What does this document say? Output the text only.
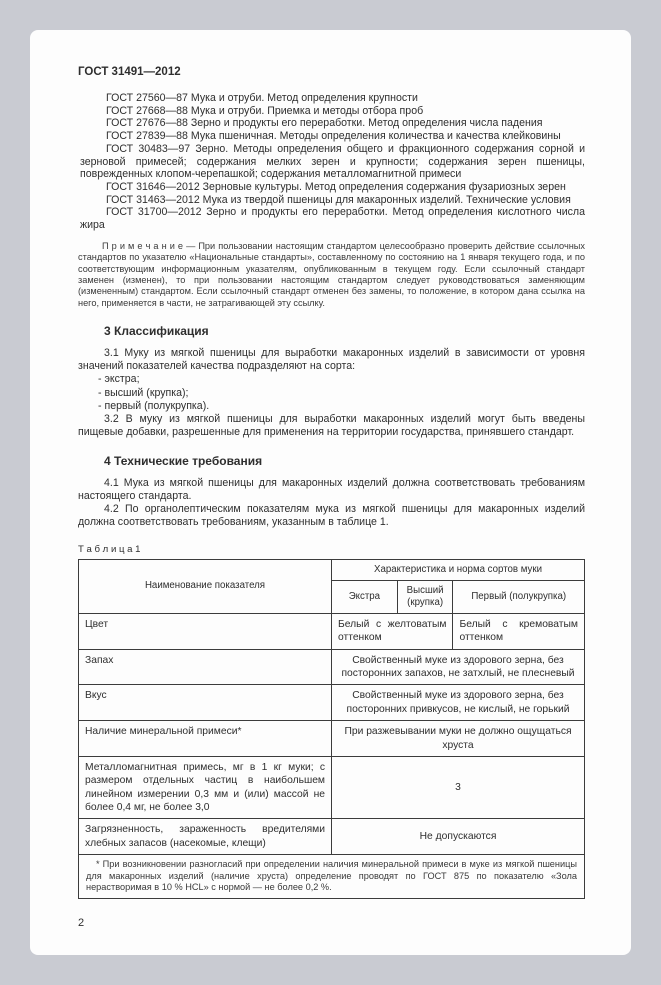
ГОСТ 31491—2012

ГОСТ 27560—87 Мука и отруби. Метод определения крупности

ГОСТ 27668—88 Мука и отруби. Приемка и методы отбора проб

ГОСТ 27676—88 Зерно и продукты его переработки. Метод определения числа падения

ГОСТ 27839—88 Мука пшеничная. Методы определения количества и качества клейковины

ГОСТ 30483—97 Зерно. Методы определения общего и фракционного содержания сорной и зерновой примесей; содержания мелких зерен и крупности; содержания зерен пшеницы, поврежденных клопом-черепашкой; содержания металломагнитной примеси

ГОСТ 31646—2012 Зерновые культуры. Метод определения содержания фузариозных зерен

ГОСТ 31463—2012 Мука из твердой пшеницы для макаронных изделий. Технические условия

ГОСТ 31700—2012 Зерно и продукты его переработки. Метод определения кислотного числа жира

П р и м е ч а н и е — При пользовании настоящим стандартом целесообразно проверить действие ссылочных стандартов по указателю «Национальные стандарты», составленному по состоянию на 1 января текущего года, и по соответствующим информационным указателям, опубликованным в текущем году. Если ссылочный стандарт заменен (изменен), то при пользовании настоящим стандартом следует руководствоваться заменяющим (измененным) стандартом. Если ссылочный стандарт отменен без замены, то положение, в котором дана ссылка на него, применяется в части, не затрагивающей эту ссылку.

3 Классификация

3.1 Муку из мягкой пшеницы для выработки макаронных изделий в зависимости от уровня значений показателей качества подразделяют на сорта:

- экстра;

- высший (крупка);

- первый (полукрупка).

3.2 В муку из мягкой пшеницы для выработки макаронных изделий могут быть введены пищевые добавки, разрешенные для применения на территории государства, принявшего стандарт.

4 Технические требования

4.1 Мука из мягкой пшеницы для макаронных изделий должна соответствовать требованиям настоящего стандарта.

4.2 По органолептическим показателям мука из мягкой пшеницы для макаронных изделий должна соответствовать требованиям, указанным в таблице 1.

Т а б л и ц а 1
Наименование показателя	Характеристика и норма сортов муки		
	Экстра	Высший (крупка)	Первый (полукрупка)
Цвет	Белый с желтоватым оттенком		Белый с кремоватым оттенком
Запах	Свойственный муке из здорового зерна, без посторонних запахов, не затхлый, не плесневый		
Вкус	Свойственный муке из здорового зерна, без посторонних привкусов, не кислый, не горький		
Наличие минеральной примеси*	При разжевывании муки не должно ощущаться хруста		
Металломагнитная примесь, мг в 1 кг муки; с размером отдельных частиц в наибольшем линейном измерении 0,3 мм и (или) массой не более 0,4 мг, не более 3,0	3		
Загрязненность, зараженность вредителями хлебных запасов (насекомые, клещи)	Не допускаются		
* При возникновении разногласий при определении наличия минеральной примеси в муке из мягкой пшеницы для макаронных изделий (наличие хруста) определение проводят по ГОСТ 875 по показателю «Зола нерастворимая в 10 % HCL» с нормой — не более 0,2 %.			
2
